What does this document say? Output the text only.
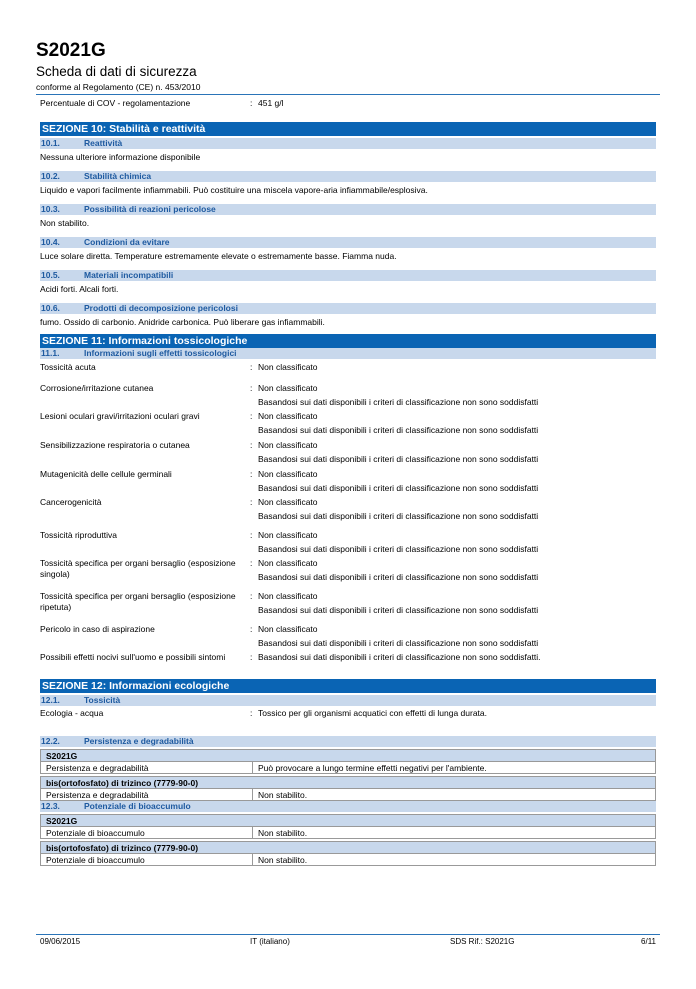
S2021G
Scheda di dati di sicurezza
conforme al Regolamento (CE) n. 453/2010
Percentuale di COV - regolamentazione	: 451 g/l
SEZIONE 10: Stabilità e reattività
10.1.	Reattività
Nessuna ulteriore informazione disponibile
10.2.	Stabilità chimica
Liquido e vapori facilmente infiammabili. Può costituire una miscela vapore-aria infiammabile/esplosiva.
10.3.	Possibilità di reazioni pericolose
Non stabilito.
10.4.	Condizioni da evitare
Luce solare diretta. Temperature estremamente elevate o estremamente basse. Fiamma nuda.
10.5.	Materiali incompatibili
Acidi forti. Alcali forti.
10.6.	Prodotti di decomposizione pericolosi
fumo. Ossido di carbonio. Anidride carbonica. Può liberare gas infiammabili.
SEZIONE 11: Informazioni tossicologiche
11.1.	Informazioni sugli effetti tossicologici
Tossicità acuta	: Non classificato
Corrosione/irritazione cutanea	: Non classificato
Basandosi sui dati disponibili i criteri di classificazione non sono soddisfatti
Lesioni oculari gravi/irritazioni oculari gravi	: Non classificato
Basandosi sui dati disponibili i criteri di classificazione non sono soddisfatti
Sensibilizzazione respiratoria o cutanea	: Non classificato
Basandosi sui dati disponibili i criteri di classificazione non sono soddisfatti
Mutagenicità delle cellule germinali	: Non classificato
Basandosi sui dati disponibili i criteri di classificazione non sono soddisfatti
Cancerogenicità	: Non classificato
Basandosi sui dati disponibili i criteri di classificazione non sono soddisfatti
Tossicità riproduttiva	: Non classificato
Basandosi sui dati disponibili i criteri di classificazione non sono soddisfatti
Tossicità specifica per organi bersaglio (esposizione singola)
: Non classificato
Basandosi sui dati disponibili i criteri di classificazione non sono soddisfatti
Tossicità specifica per organi bersaglio (esposizione ripetuta)
: Non classificato
Basandosi sui dati disponibili i criteri di classificazione non sono soddisfatti
Pericolo in caso di aspirazione	: Non classificato
Basandosi sui dati disponibili i criteri di classificazione non sono soddisfatti
Possibili effetti nocivi sull'uomo e possibili sintomi	: Basandosi sui dati disponibili i criteri di classificazione non sono soddisfatti.
SEZIONE 12: Informazioni ecologiche
12.1.	Tossicità
Ecologia - acqua	: Tossico per gli organismi acquatici con effetti di lunga durata.
12.2.	Persistenza e degradabilità
S2021G
Persistenza e degradabilità	Può provocare a lungo termine effetti negativi per l'ambiente.
bis(ortofosfato) di trizinco (7779-90-0)
Persistenza e degradabilità	Non stabilito.
12.3.	Potenziale di bioaccumulo
S2021G
Potenziale di bioaccumulo	Non stabilito.
bis(ortofosfato) di trizinco (7779-90-0)
Potenziale di bioaccumulo	Non stabilito.
09/06/2015	IT (italiano)	SDS Rif.: S2021G	6/11
